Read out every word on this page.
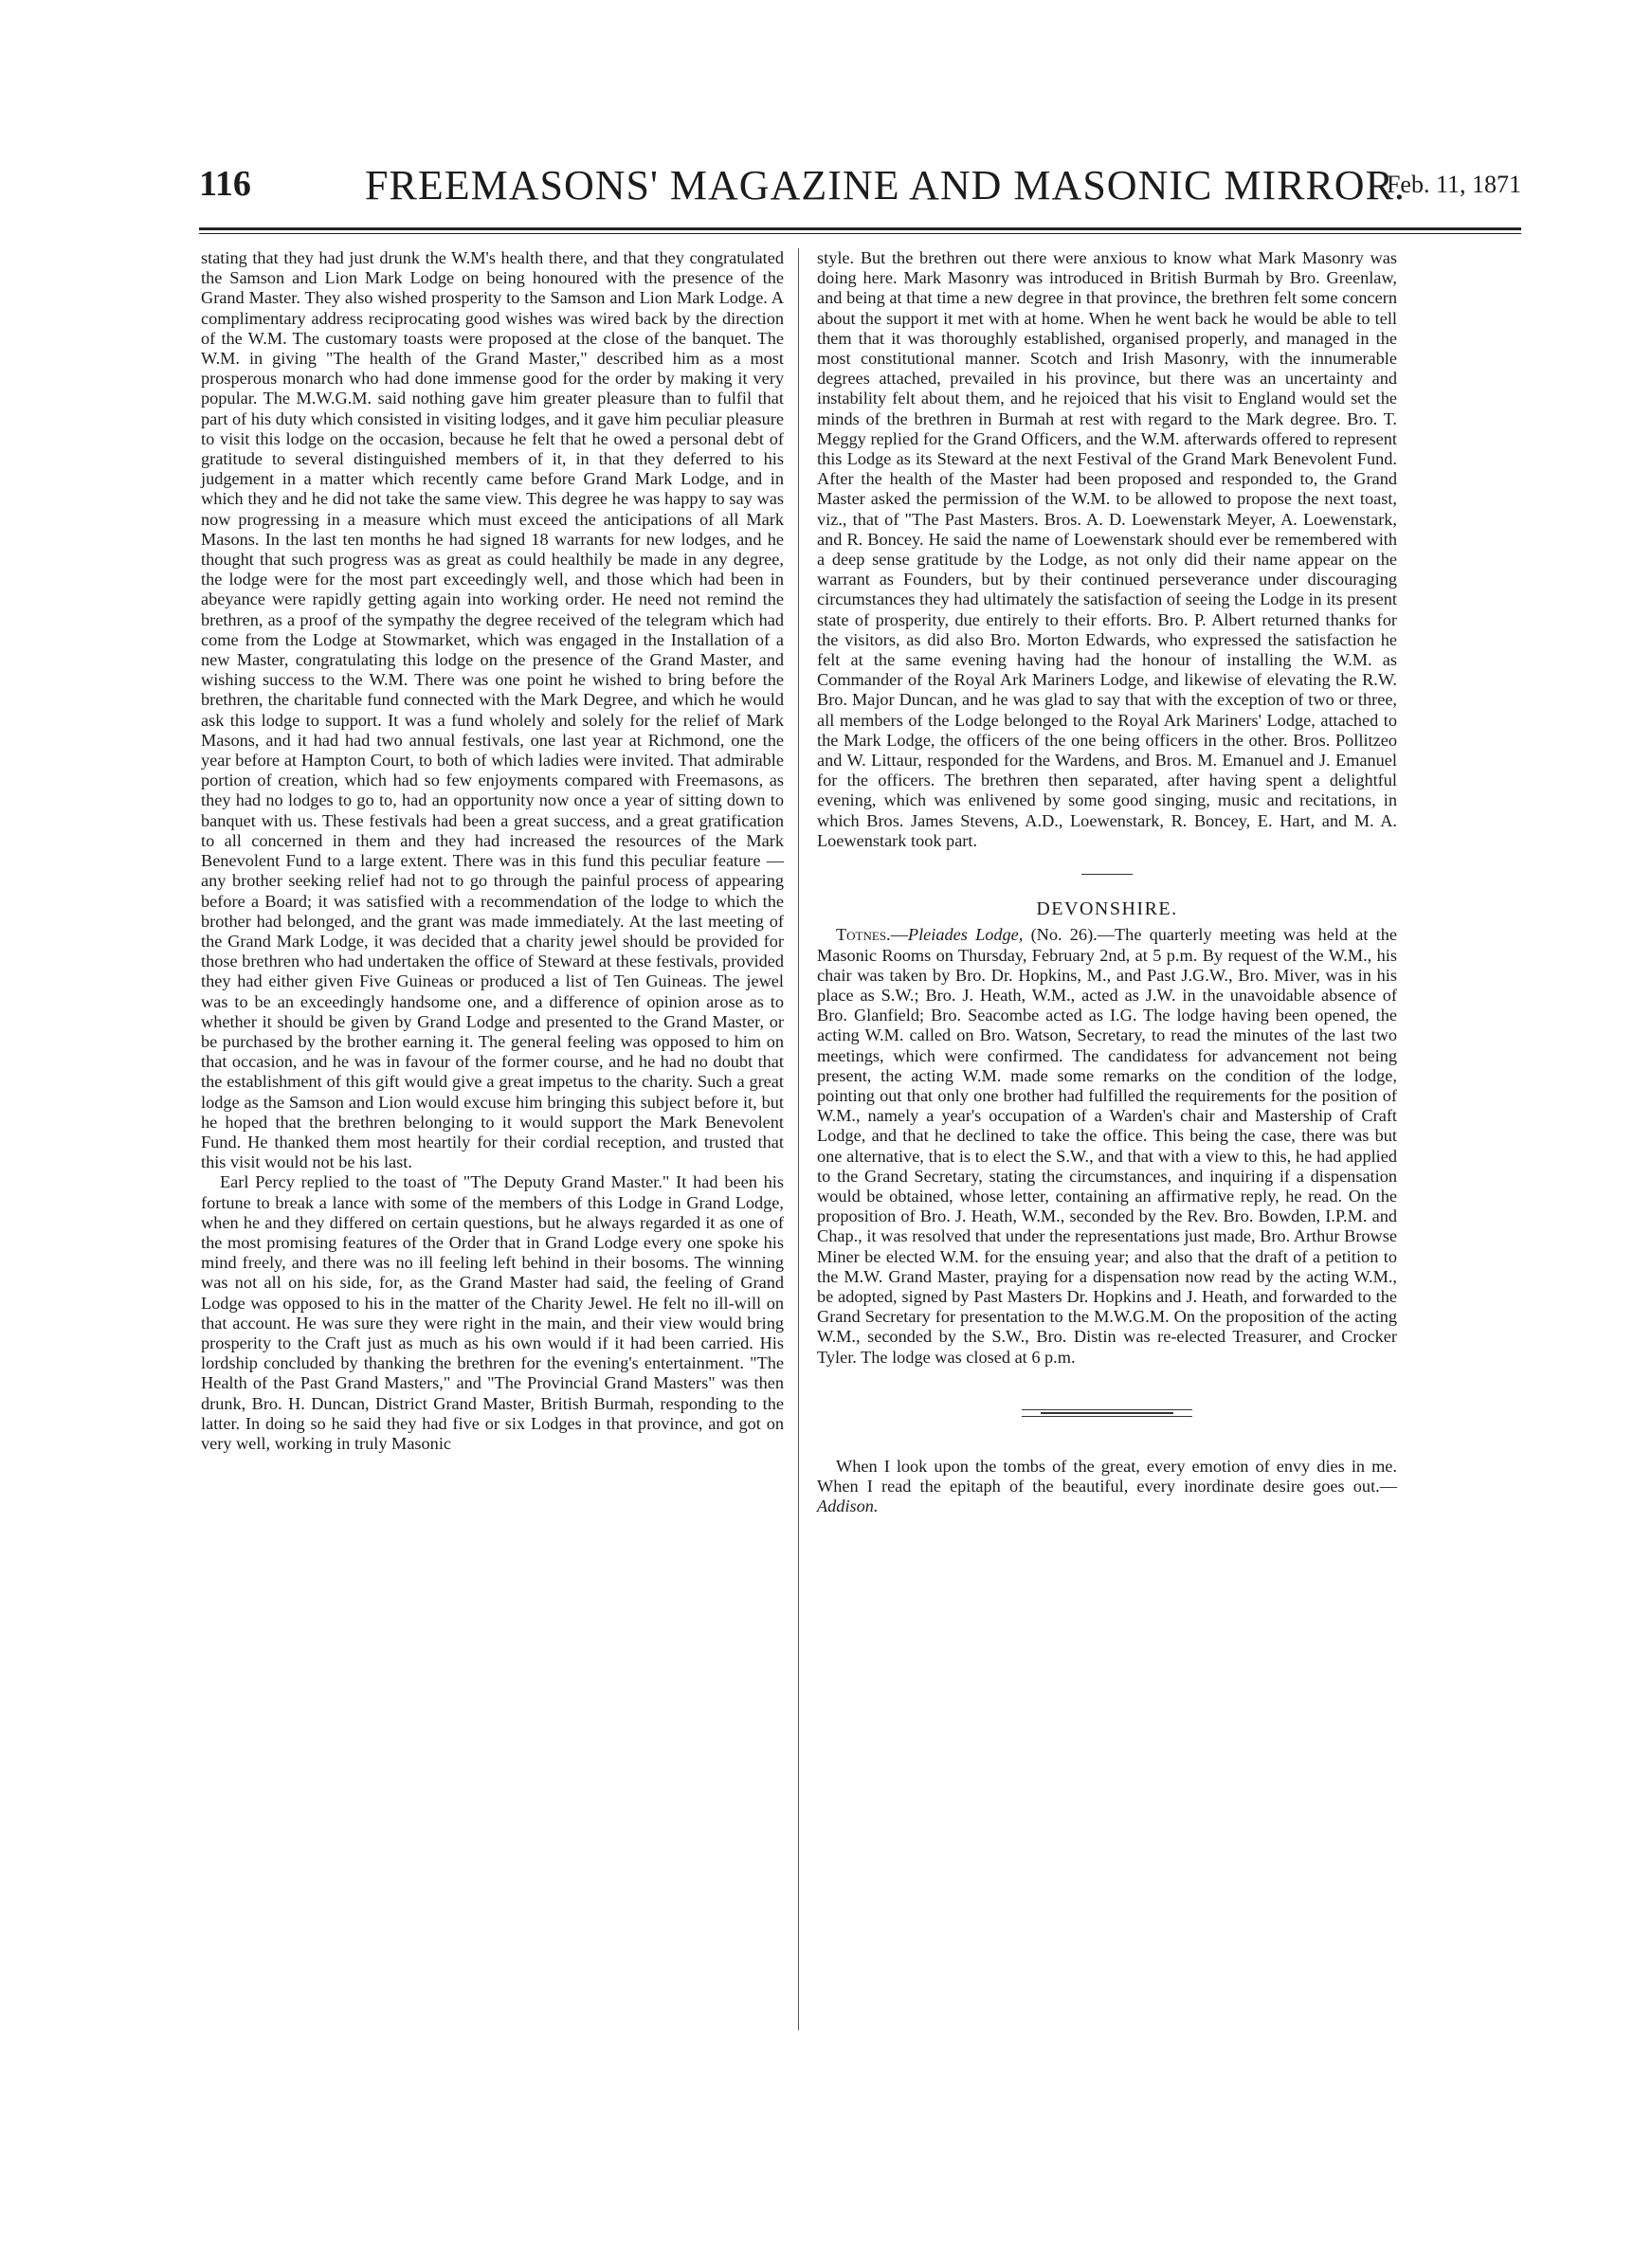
116	FREEMASONS' MAGAZINE AND MASONIC MIRROR.
Feb. 11, 1871

stating that they had just drunk the W.M's health there, and that they congratulated the Samson and Lion Mark Lodge on being honoured with the presence of the Grand Master. They also wished prosperity to the Samson and Lion Mark Lodge. A complimentary address reciprocating good wishes was wired back by the direction of the W.M. The customary toasts were proposed at the close of the banquet. The W.M. in giving "The health of the Grand Master," described him as a most prosperous monarch who had done immense good for the order by making it very popular. The M.W.G.M. said nothing gave him greater pleasure than to fulfil that part of his duty which consisted in visiting lodges, and it gave him peculiar pleasure to visit this lodge on the occasion, because he felt that he owed a personal debt of gratitude to several distinguished members of it, in that they deferred to his judgement in a matter which recently came before Grand Mark Lodge, and in which they and he did not take the same view. This degree he was happy to say was now progressing in a measure which must exceed the anticipations of all Mark Masons. In the last ten months he had signed 18 warrants for new lodges, and he thought that such progress was as great as could healthily be made in any degree, the lodge were for the most part exceedingly well, and those which had been in abeyance were rapidly getting again into working order. He need not remind the brethren, as a proof of the sympathy the degree received of the telegram which had come from the Lodge at Stowmarket, which was engaged in the Installation of a new Master, congratulating this lodge on the presence of the Grand Master, and wishing success to the W.M. There was one point he wished to bring before the brethren, the charitable fund connected with the Mark Degree, and which he would ask this lodge to support. It was a fund wholely and solely for the relief of Mark Masons, and it had had two annual festivals, one last year at Richmond, one the year before at Hampton Court, to both of which ladies were invited. That admirable portion of creation, which had so few enjoyments compared with Freemasons, as they had no lodges to go to, had an opportunity now once a year of sitting down to banquet with us. These festivals had been a great success, and a great gratification to all concerned in them and they had increased the resources of the Mark Benevolent Fund to a large extent. There was in this fund this peculiar feature —any brother seeking relief had not to go through the painful process of appearing before a Board; it was satisfied with a recommendation of the lodge to which the brother had belonged, and the grant was made immediately. At the last meeting of the Grand Mark Lodge, it was decided that a charity jewel should be provided for those brethren who had undertaken the office of Steward at these festivals, provided they had either given Five Guineas or produced a list of Ten Guineas. The jewel was to be an exceedingly handsome one, and a difference of opinion arose as to whether it should be given by Grand Lodge and presented to the Grand Master, or be purchased by the brother earning it. The general feeling was opposed to him on that occasion, and he was in favour of the former course, and he had no doubt that the establishment of this gift would give a great impetus to the charity. Such a great lodge as the Samson and Lion would excuse him bringing this subject before it, but he hoped that the brethren belonging to it would support the Mark Benevolent Fund. He thanked them most heartily for their cordial reception, and trusted that this visit would not be his last.

Earl Percy replied to the toast of "The Deputy Grand Master." It had been his fortune to break a lance with some of the members of this Lodge in Grand Lodge, when he and they differed on certain questions, but he always regarded it as one of the most promising features of the Order that in Grand Lodge every one spoke his mind freely, and there was no ill feeling left behind in their bosoms. The winning was not all on his side, for, as the Grand Master had said, the feeling of Grand Lodge was opposed to his in the matter of the Charity Jewel. He felt no ill-will on that account. He was sure they were right in the main, and their view would bring prosperity to the Craft just as much as his own would if it had been carried. His lordship concluded by thanking the brethren for the evening's entertainment. "The Health of the Past Grand Masters," and "The Provincial Grand Masters" was then drunk, Bro. H. Duncan, District Grand Master, British Burmah, responding to the latter. In doing so he said they had five or six Lodges in that province, and got on very well, working in truly Masonic

style. But the brethren out there were anxious to know what Mark Masonry was doing here. Mark Masonry was introduced in British Burmah by Bro. Greenlaw, and being at that time a new degree in that province, the brethren felt some concern about the support it met with at home. When he went back he would be able to tell them that it was thoroughly established, organised properly, and managed in the most constitutional manner. Scotch and Irish Masonry, with the innumerable degrees attached, prevailed in his province, but there was an uncertainty and instability felt about them, and he rejoiced that his visit to England would set the minds of the brethren in Burmah at rest with regard to the Mark degree. Bro. T. Meggy replied for the Grand Officers, and the W.M. afterwards offered to represent this Lodge as its Steward at the next Festival of the Grand Mark Benevolent Fund. After the health of the Master had been proposed and responded to, the Grand Master asked the permission of the W.M. to be allowed to propose the next toast, viz., that of "The Past Masters. Bros. A. D. Loewenstark Meyer, A. Loewenstark, and R. Boncey. He said the name of Loewenstark should ever be remembered with a deep sense gratitude by the Lodge, as not only did their name appear on the warrant as Founders, but by their continued perseverance under discouraging circumstances they had ultimately the satisfaction of seeing the Lodge in its present state of prosperity, due entirely to their efforts. Bro. P. Albert returned thanks for the visitors, as did also Bro. Morton Edwards, who expressed the satisfaction he felt at the same evening having had the honour of installing the W.M. as Commander of the Royal Ark Mariners Lodge, and likewise of elevating the R.W. Bro. Major Duncan, and he was glad to say that with the exception of two or three, all members of the Lodge belonged to the Royal Ark Mariners' Lodge, attached to the Mark Lodge, the officers of the one being officers in the other. Bros. Pollitzeo and W. Littaur, responded for the Wardens, and Bros. M. Emanuel and J. Emanuel for the officers. The brethren then separated, after having spent a delightful evening, which was enlivened by some good singing, music and recitations, in which Bros. James Stevens, A.D., Loewenstark, R. Boncey, E. Hart, and M. A. Loewenstark took part.

DEVONSHIRE.

Totnes.—Pleiades Lodge, (No. 26).—The quarterly meeting was held at the Masonic Rooms on Thursday, February 2nd, at 5 p.m. By request of the W.M., his chair was taken by Bro. Dr. Hopkins, M., and Past J.G.W., Bro. Miver, was in his place as S.W.; Bro. J. Heath, W.M., acted as J.W. in the unavoidable absence of Bro. Glanfield; Bro. Seacombe acted as I.G. The lodge having been opened, the acting W.M. called on Bro. Watson, Secretary, to read the minutes of the last two meetings, which were confirmed. The candidatess for advancement not being present, the acting W.M. made some remarks on the condition of the lodge, pointing out that only one brother had fulfilled the requirements for the position of W.M., namely a year's occupation of a Warden's chair and Mastership of Craft Lodge, and that he declined to take the office. This being the case, there was but one alternative, that is to elect the S.W., and that with a view to this, he had applied to the Grand Secretary, stating the circumstances, and inquiring if a dispensation would be obtained, whose letter, containing an affirmative reply, he read. On the proposition of Bro. J. Heath, W.M., seconded by the Rev. Bro. Bowden, I.P.M. and Chap., it was resolved that under the representations just made, Bro. Arthur Browse Miner be elected W.M. for the ensuing year; and also that the draft of a petition to the M.W. Grand Master, praying for a dispensation now read by the acting W.M., be adopted, signed by Past Masters Dr. Hopkins and J. Heath, and forwarded to the Grand Secretary for presentation to the M.W.G.M. On the proposition of the acting W.M., seconded by the S.W., Bro. Distin was re-elected Treasurer, and Crocker Tyler. The lodge was closed at 6 p.m.

When I look upon the tombs of the great, every emotion of envy dies in me. When I read the epitaph of the beautiful, every inordinate desire goes out.—Addison.
